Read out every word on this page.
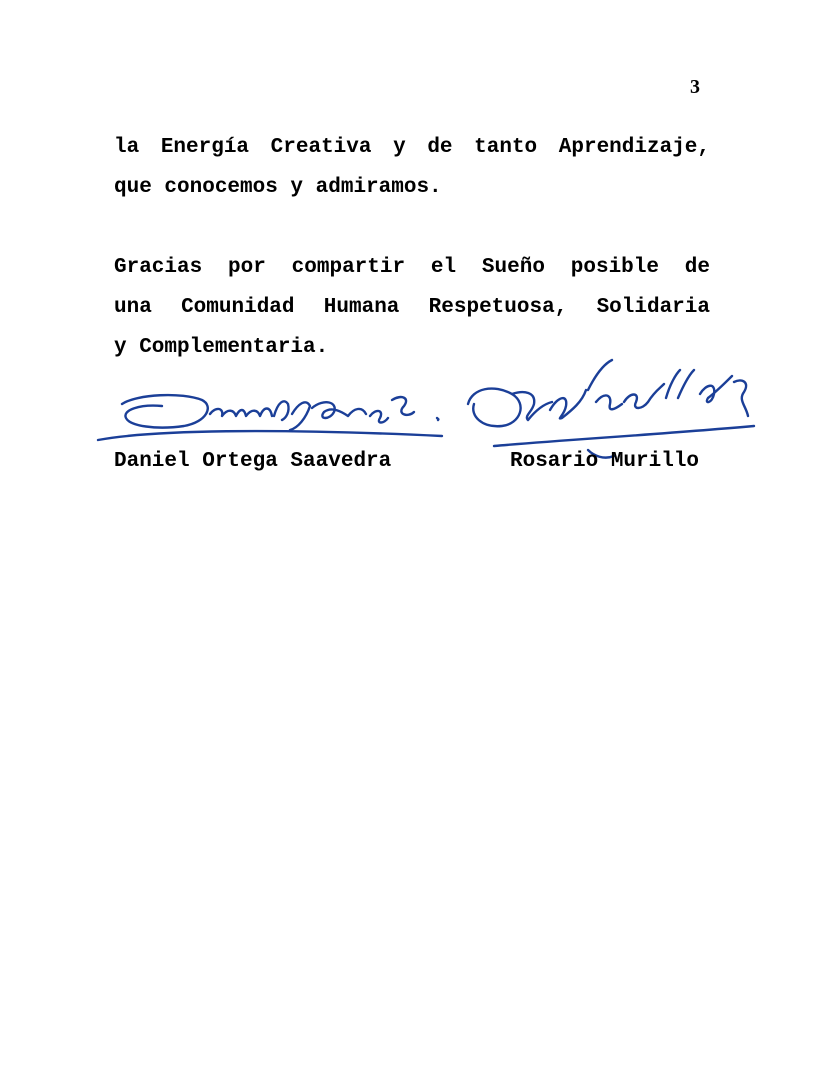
3
la Energía Creativa y de tanto Aprendizaje,
que conocemos y admiramos.
Gracias por compartir el Sueño posible de
una Comunidad Humana Respetuosa, Solidaria
y Complementaria.
Daniel Ortega Saavedra	Rosario Murillo
